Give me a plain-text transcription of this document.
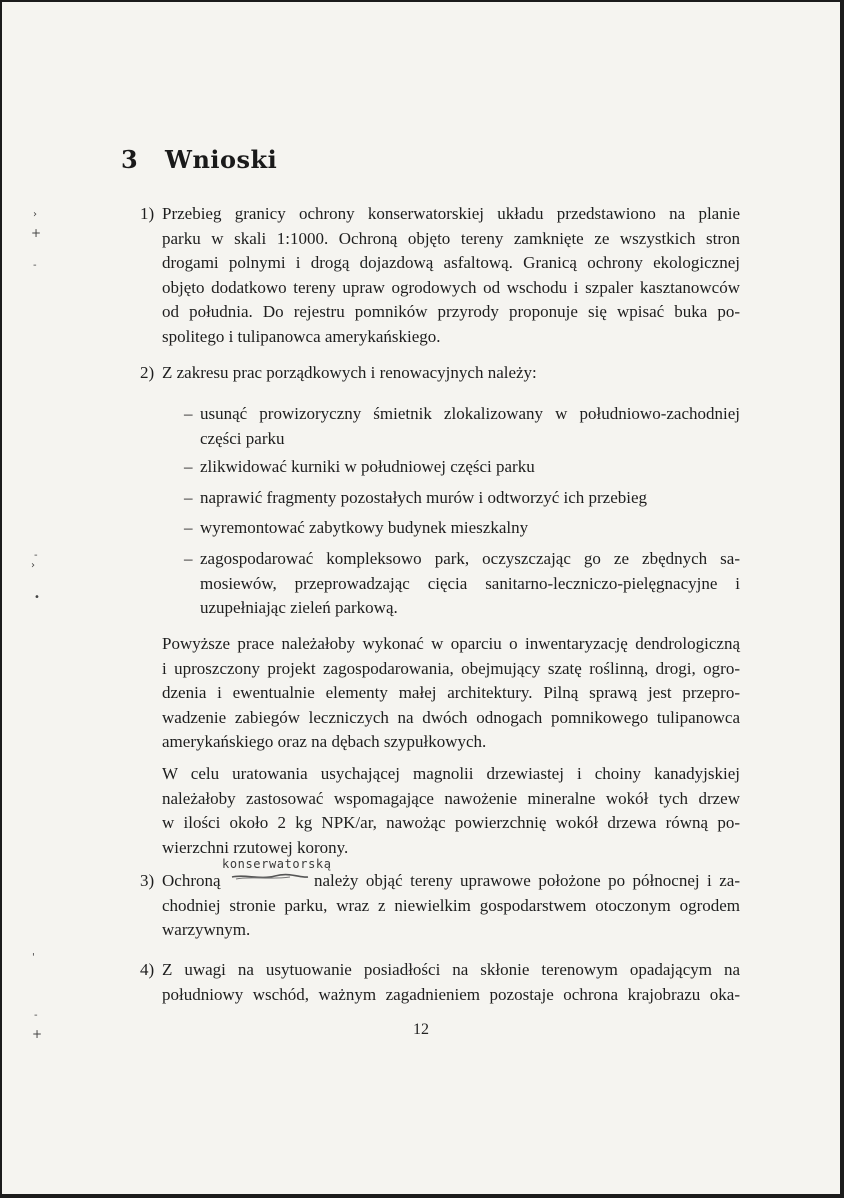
›
+
-
-
›
•
'
-
+
3 Wnioski
1) Przebieg granicy ochrony konserwatorskiej układu przedstawiono na planie
parku w skali 1:1000. Ochroną objęto tereny zamknięte ze wszystkich stron
drogami polnymi i drogą dojazdową asfaltową. Granicą ochrony ekologicznej
objęto dodatkowo tereny upraw ogrodowych od wschodu i szpaler kasztanowców
od południa. Do rejestru pomników przyrody proponuje się wpisać buka po-
spolitego i tulipanowca amerykańskiego.
2) Z zakresu prac porządkowych i renowacyjnych należy:
– usunąć prowizoryczny śmietnik zlokalizowany w południowo-zachodniej
części parku
– zlikwidować kurniki w południowej części parku
– naprawić fragmenty pozostałych murów i odtworzyć ich przebieg
– wyremontować zabytkowy budynek mieszkalny
– zagospodarować kompleksowo park, oczyszczając go ze zbędnych sa-
mosiewów, przeprowadzając cięcia sanitarno-leczniczo-pielęgnacyjne i
uzupełniając zieleń parkową.
Powyższe prace należałoby wykonać w oparciu o inwentaryzację dendrologiczną
i uproszczony projekt zagospodarowania, obejmujący szatę roślinną, drogi, ogro-
dzenia i ewentualnie elementy małej architektury. Pilną sprawą jest przepro-
wadzenie zabiegów leczniczych na dwóch odnogach pomnikowego tulipanowca
amerykańskiego oraz na dębach szypułkowych.
W celu uratowania usychającej magnolii drzewiastej i choiny kanadyjskiej
należałoby zastosować wspomagające nawożenie mineralne wokół tych drzew
w ilości około 2 kg NPK/ar, nawożąc powierzchnię wokół drzewa równą po-
wierzchni rzutowej korony.
konserwatorską
3) Ochroną	należy objąć tereny uprawowe położone po północnej i za-
chodniej stronie parku, wraz z niewielkim gospodarstwem otoczonym ogrodem
warzywnym.
4) Z uwagi na usytuowanie posiadłości na skłonie terenowym opadającym na
południowy wschód, ważnym zagadnieniem pozostaje ochrona krajobrazu oka-
12
